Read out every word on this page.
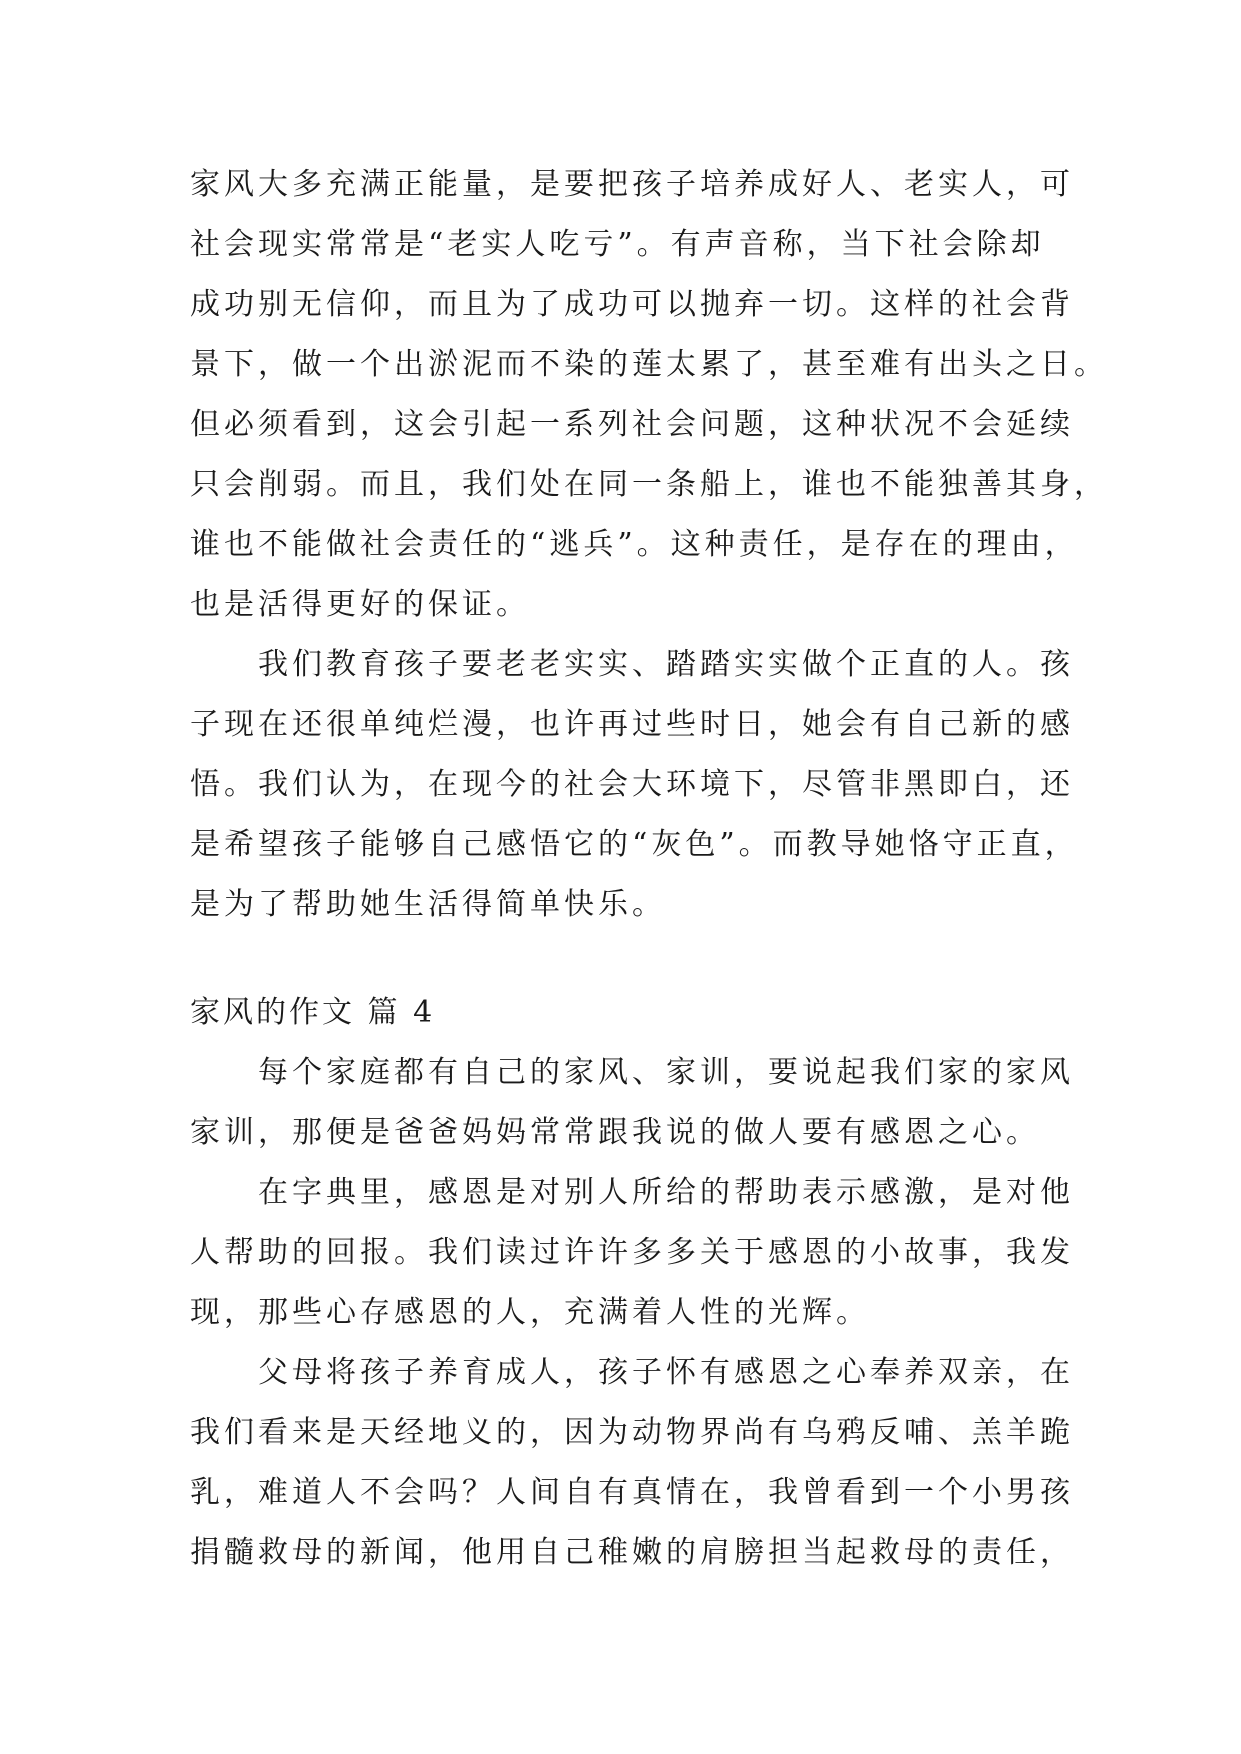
家风大多充满正能量，是要把孩子培养成好人、老实人，可
社会现实常常是“老实人吃亏”。有声音称，当下社会除却
成功别无信仰，而且为了成功可以抛弃一切。这样的社会背
景下，做一个出淤泥而不染的莲太累了，甚至难有出头之日。
但必须看到，这会引起一系列社会问题，这种状况不会延续
只会削弱。而且，我们处在同一条船上，谁也不能独善其身，
谁也不能做社会责任的“逃兵”。这种责任，是存在的理由，
也是活得更好的保证。
我们教育孩子要老老实实、踏踏实实做个正直的人。孩
子现在还很单纯烂漫，也许再过些时日，她会有自己新的感
悟。我们认为，在现今的社会大环境下，尽管非黑即白，还
是希望孩子能够自己感悟它的“灰色”。而教导她恪守正直，
是为了帮助她生活得简单快乐。
家风的作文 篇 4
每个家庭都有自己的家风、家训，要说起我们家的家风
家训，那便是爸爸妈妈常常跟我说的做人要有感恩之心。
在字典里，感恩是对别人所给的帮助表示感激，是对他
人帮助的回报。我们读过许许多多关于感恩的小故事，我发
现，那些心存感恩的人，充满着人性的光辉。
父母将孩子养育成人，孩子怀有感恩之心奉养双亲，在
我们看来是天经地义的，因为动物界尚有乌鸦反哺、羔羊跪
乳，难道人不会吗？人间自有真情在，我曾看到一个小男孩
捐髓救母的新闻，他用自己稚嫩的肩膀担当起救母的责任，
